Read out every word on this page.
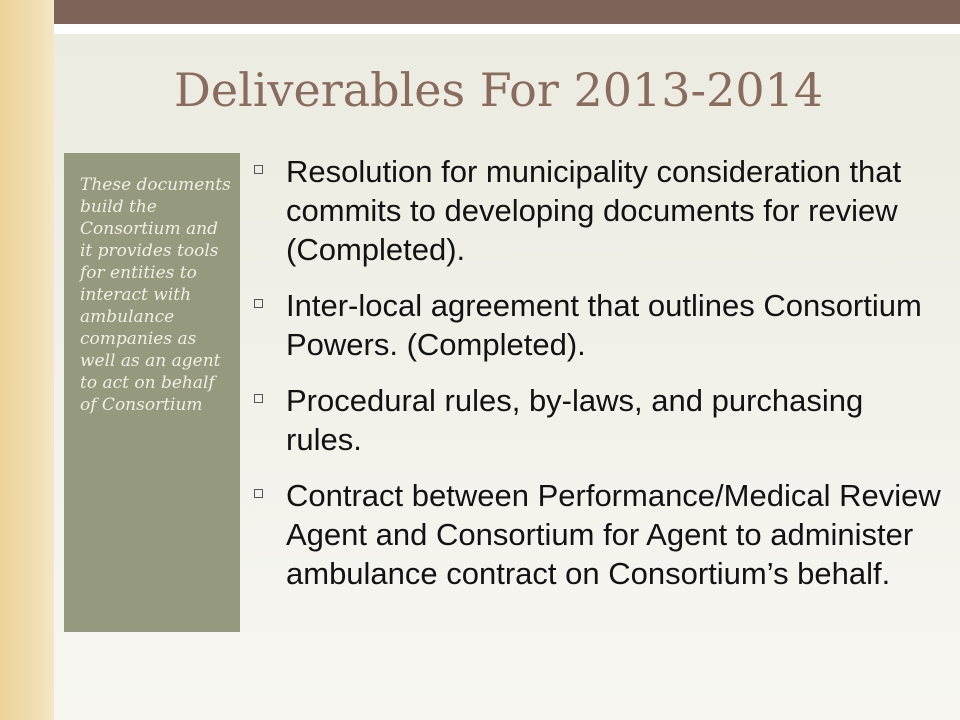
Deliverables For 2013-2014

These documents build the Consortium and it provides tools for entities to interact with ambulance companies as well as an agent to act on behalf of Consortium

Resolution for municipality consideration that commits to developing documents for review (Completed).
Inter-local agreement that outlines Consortium Powers. (Completed).
Procedural rules, by-laws, and purchasing rules.
Contract between Performance/Medical Review Agent and Consortium for Agent to administer ambulance contract on Consortium’s behalf.
